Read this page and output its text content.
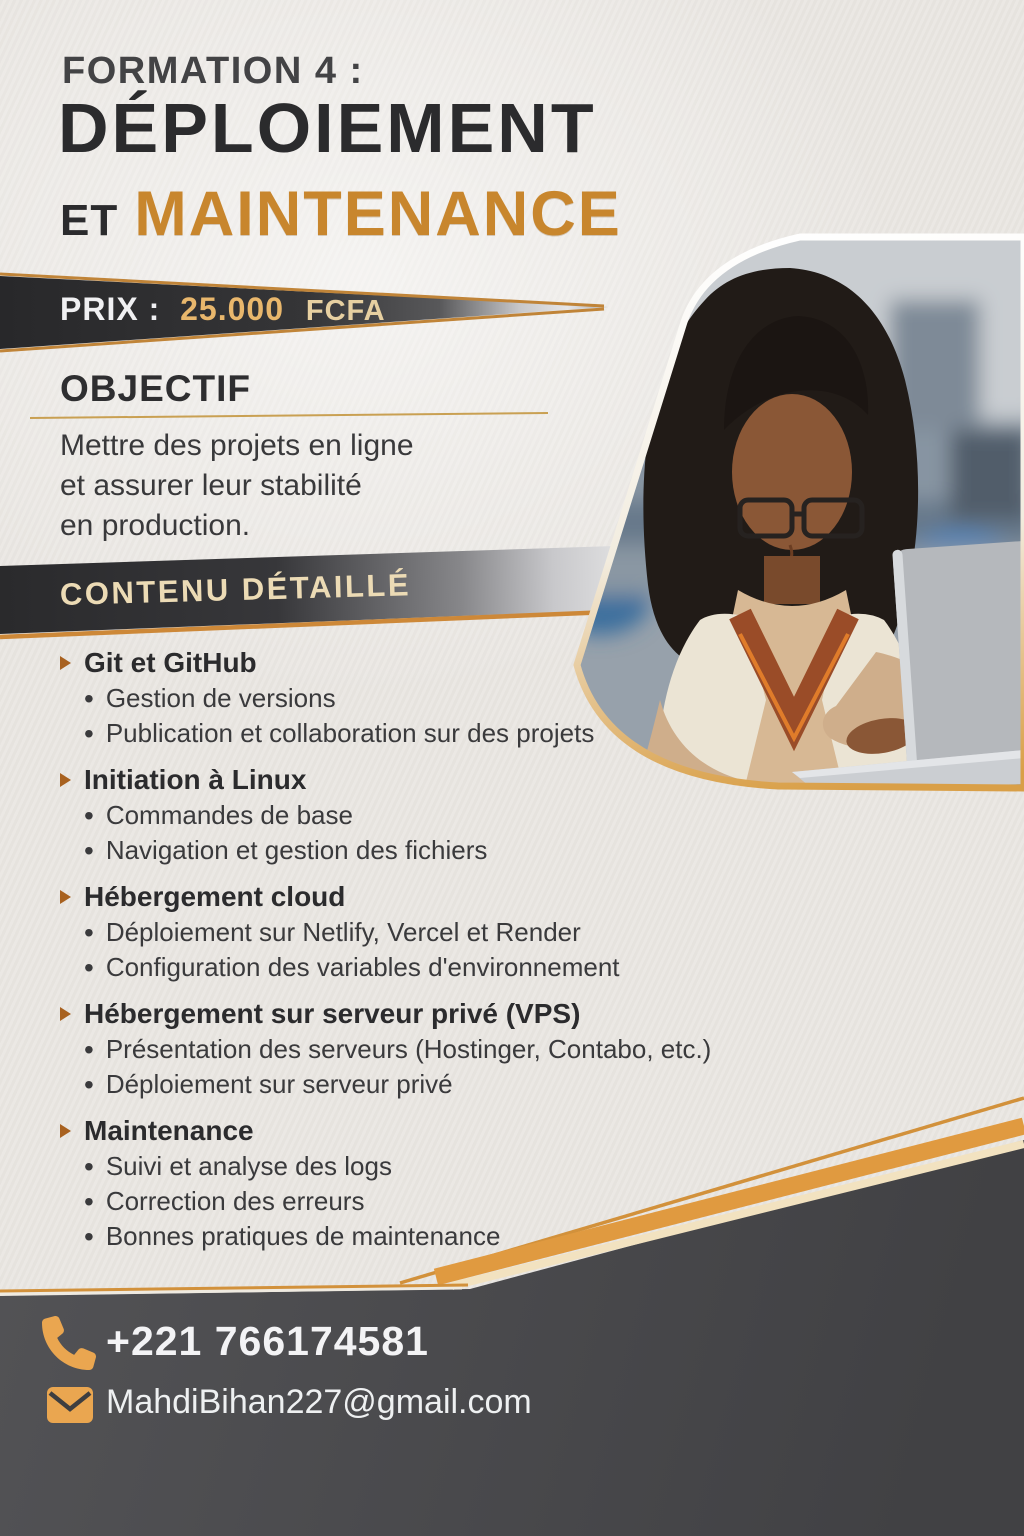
FORMATION 4 :
DÉPLOIEMENT
ET MAINTENANCE
PRIX : 25.000 FCFA
OBJECTIF
Mettre des projets en ligne
et assurer leur stabilité
en production.
CONTENU DÉTAILLÉ
Git et GitHub
• Gestion de versions
• Publication et collaboration sur des projets
Initiation à Linux
• Commandes de base
• Navigation et gestion des fichiers
Hébergement cloud
• Déploiement sur Netlify, Vercel et Render
• Configuration des variables d'environnement
Hébergement sur serveur privé (VPS)
• Présentation des serveurs (Hostinger, Contabo, etc.)
• Déploiement sur serveur privé
Maintenance
• Suivi et analyse des logs
• Correction des erreurs
• Bonnes pratiques de maintenance
+221 766174581
MahdiBihan227@gmail.com
